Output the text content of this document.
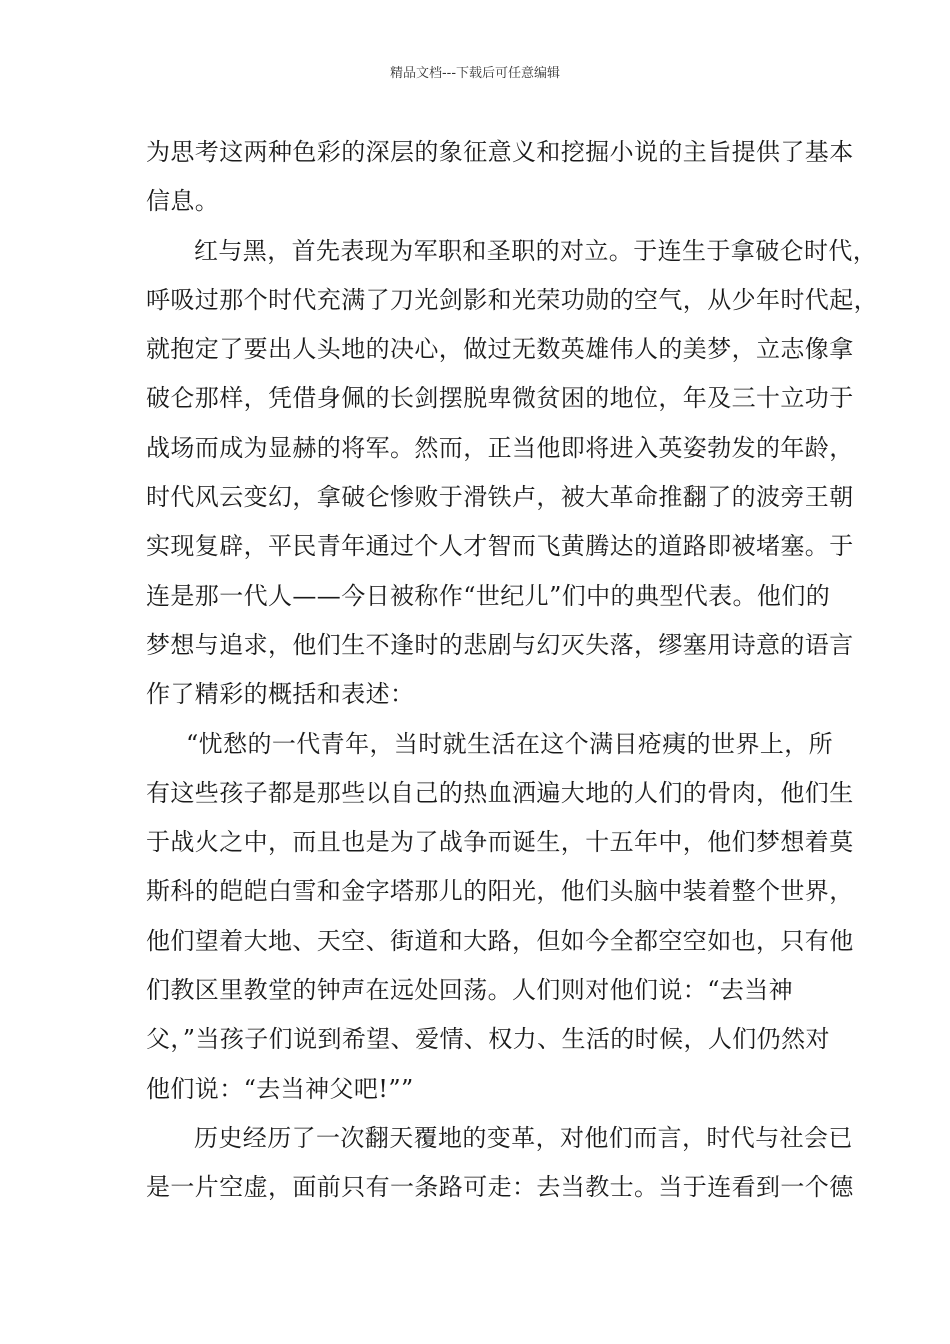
精品文档---下载后可任意编辑
为思考这两种色彩的深层的象征意义和挖掘小说的主旨提供了基本
信息。
红与黑，首先表现为军职和圣职的对立。于连生于拿破仑时代，
呼吸过那个时代充满了刀光剑影和光荣功勋的空气，从少年时代起，
就抱定了要出人头地的决心，做过无数英雄伟人的美梦，立志像拿
破仑那样，凭借身佩的长剑摆脱卑微贫困的地位，年及三十立功于
战场而成为显赫的将军。然而，正当他即将进入英姿勃发的年龄，
时代风云变幻，拿破仑惨败于滑铁卢，被大革命推翻了的波旁王朝
实现复辟，平民青年通过个人才智而飞黄腾达的道路即被堵塞。于
连是那一代人——今日被称作“世纪儿”们中的典型代表。他们的
梦想与追求，他们生不逢时的悲剧与幻灭失落，缪塞用诗意的语言
作了精彩的概括和表述：
“忧愁的一代青年，当时就生活在这个满目疮痍的世界上，所
有这些孩子都是那些以自己的热血洒遍大地的人们的骨肉，他们生
于战火之中，而且也是为了战争而诞生，十五年中，他们梦想着莫
斯科的皑皑白雪和金字塔那儿的阳光，他们头脑中装着整个世界，
他们望着大地、天空、街道和大路，但如今全都空空如也，只有他
们教区里教堂的钟声在远处回荡。人们则对他们说：“去当神
父，”当孩子们说到希望、爱情、权力、生活的时候，人们仍然对
他们说：“去当神父吧!””
历史经历了一次翻天覆地的变革，对他们而言，时代与社会已
是一片空虚，面前只有一条路可走：去当教士。当于连看到一个德
